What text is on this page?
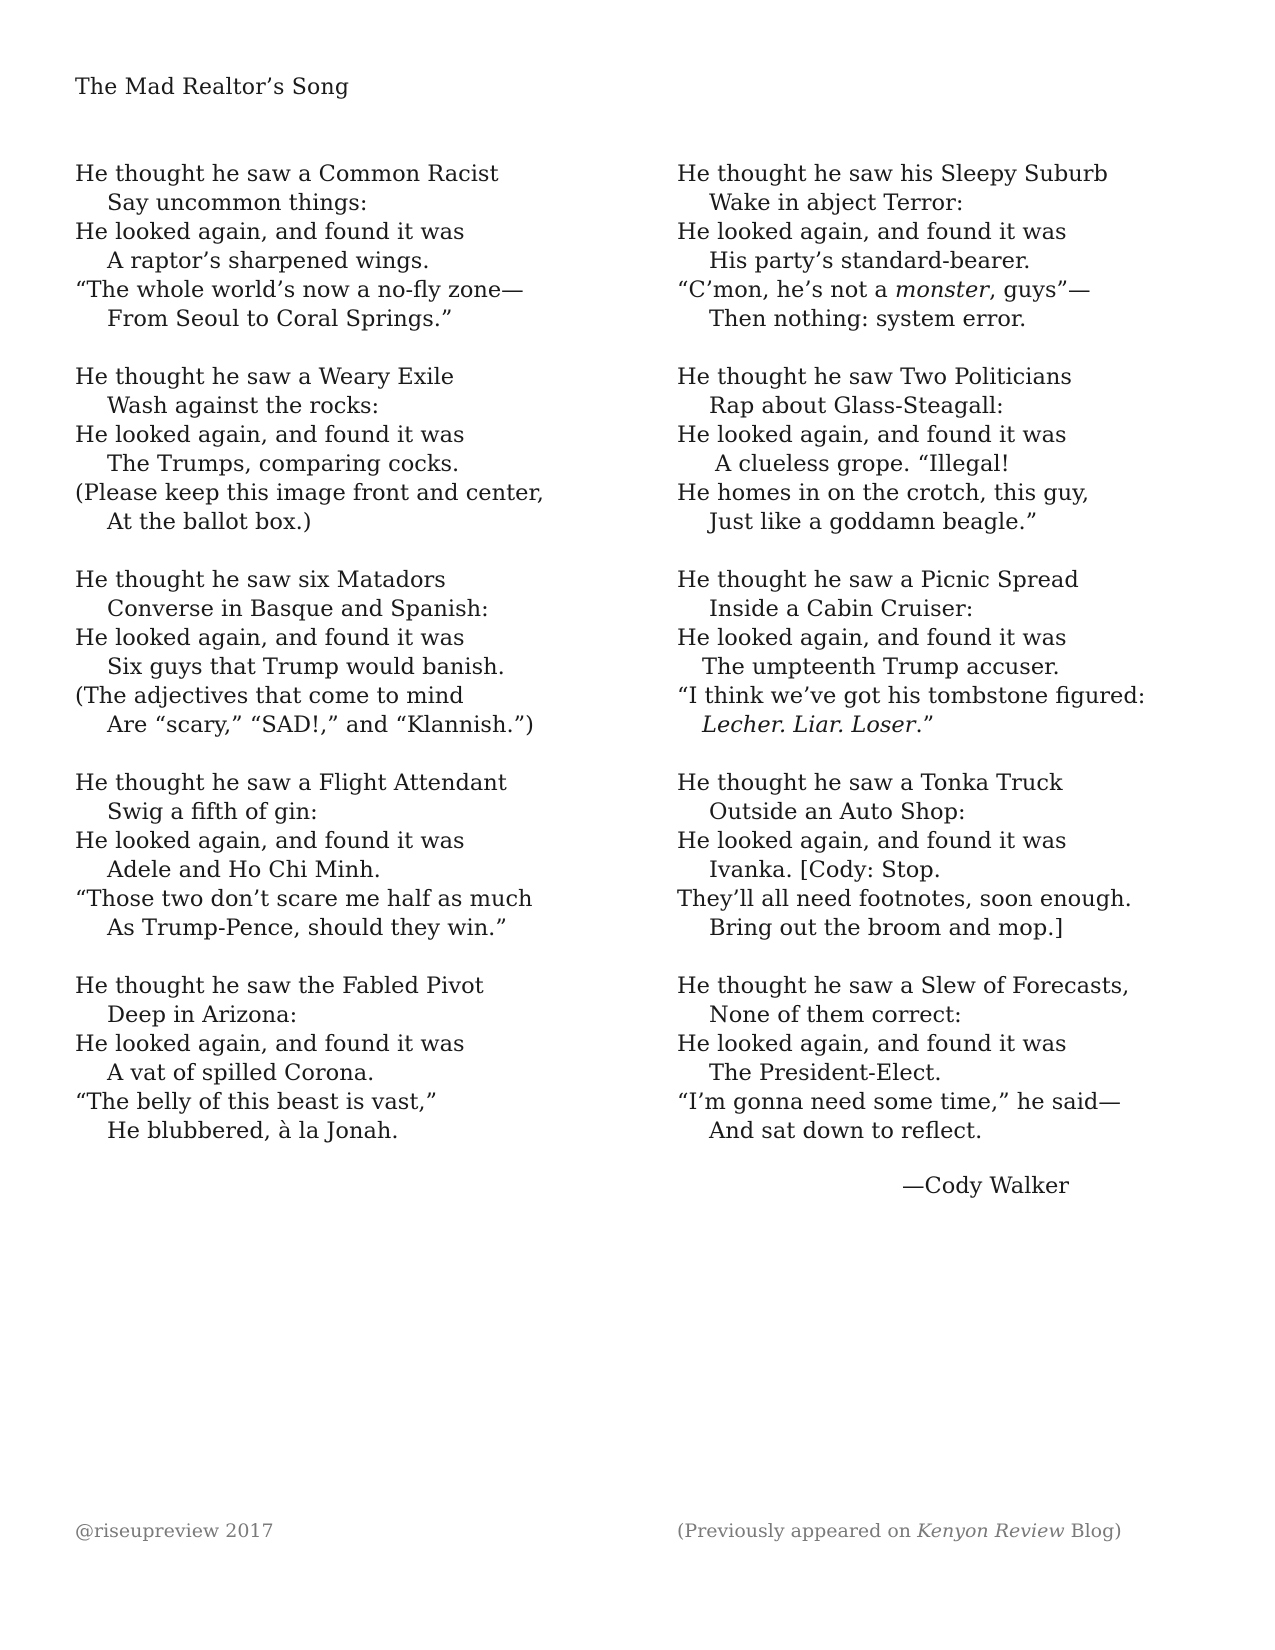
The Mad Realtor’s Song
He thought he saw a Common Racist
Say uncommon things:
He looked again, and found it was
A raptor’s sharpened wings.
“The whole world’s now a no-fly zone—
From Seoul to Coral Springs.”
He thought he saw a Weary Exile
Wash against the rocks:
He looked again, and found it was
The Trumps, comparing cocks.
(Please keep this image front and center,
At the ballot box.)
He thought he saw six Matadors
Converse in Basque and Spanish:
He looked again, and found it was
Six guys that Trump would banish.
(The adjectives that come to mind
Are “scary,” “SAD!,” and “Klannish.”)
He thought he saw a Flight Attendant
Swig a fifth of gin:
He looked again, and found it was
Adele and Ho Chi Minh.
“Those two don’t scare me half as much
As Trump-Pence, should they win.”
He thought he saw the Fabled Pivot
Deep in Arizona:
He looked again, and found it was
A vat of spilled Corona.
“The belly of this beast is vast,”
He blubbered, à la Jonah.
He thought he saw his Sleepy Suburb
Wake in abject Terror:
He looked again, and found it was
His party’s standard-bearer.
“C’mon, he’s not a monster, guys”—
Then nothing: system error.
He thought he saw Two Politicians
Rap about Glass-Steagall:
He looked again, and found it was
A clueless grope. “Illegal!
He homes in on the crotch, this guy,
Just like a goddamn beagle.”
He thought he saw a Picnic Spread
Inside a Cabin Cruiser:
He looked again, and found it was
The umpteenth Trump accuser.
“I think we’ve got his tombstone figured:
Lecher. Liar. Loser.”
He thought he saw a Tonka Truck
Outside an Auto Shop:
He looked again, and found it was
Ivanka. [Cody: Stop.
They’ll all need footnotes, soon enough.
Bring out the broom and mop.]
He thought he saw a Slew of Forecasts,
None of them correct:
He looked again, and found it was
The President-Elect.
“I’m gonna need some time,” he said—
And sat down to reflect.
—Cody Walker
@riseupreview 2017	(Previously appeared on Kenyon Review Blog)
